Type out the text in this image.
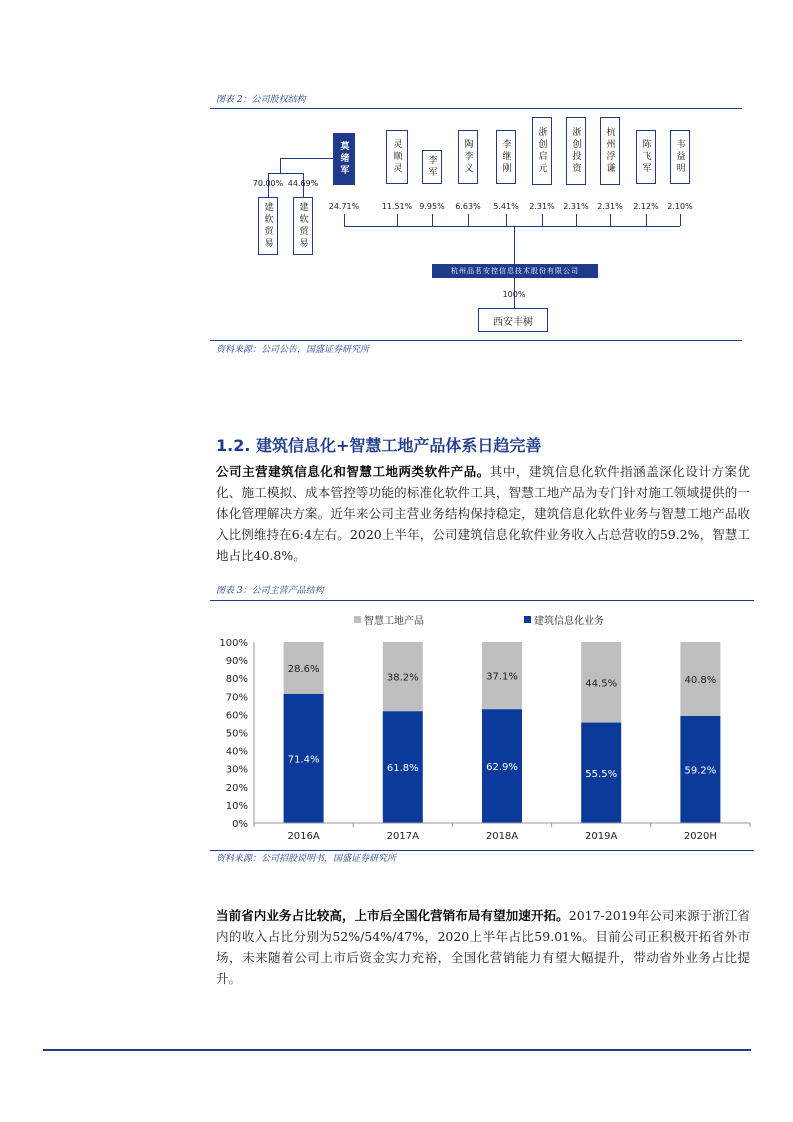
图表 2：公司股权结构
莫绪军
24.71%
灵顺灵	李军	陶李义	李继刚	浙创启元	浙创投资	杭州浮谦	陈飞军	韦益明
11.51% 9.95%	6.63%	5.41%	2.31%	2.31%	2.31%	2.12%	2.10%
70.00% 44.69%
建软贸易	建软贸易
杭州品茗安控信息技术股份有限公司
100%
西安丰树
资料来源：公司公告，国盛证券研究所
1.2. 建筑信息化+智慧工地产品体系日趋完善
公司主营建筑信息化和智慧工地两类软件产品。其中，建筑信息化软件指涵盖深化设计方案优化、施工模拟、成本管控等功能的标准化软件工具，智慧工地产品为专门针对施工领域提供的一体化管理解决方案。近年来公司主营业务结构保持稳定，建筑信息化软件业务与智慧工地产品收入比例维持在6:4左右。2020上半年，公司建筑信息化软件业务收入占总营收的59.2%，智慧工地占比40.8%。
图表 3：公司主营产品结构
智慧工地产品	建筑信息化业务
0%
10%
20%
30%
40%
50%
60%
70%
80%
90%
100%
71.4%
28.6%
61.8%
38.2%
62.9%
37.1%
55.5%
44.5%
59.2%
40.8%
2016A	2017A	2018A	2019A	2020H
资料来源：公司招股说明书，国盛证券研究所
当前省内业务占比较高，上市后全国化营销布局有望加速开拓。2017-2019年公司来源于浙江省内的收入占比分别为52%/54%/47%，2020上半年占比59.01%。目前公司正积极开拓省外市场，未来随着公司上市后资金实力充裕，全国化营销能力有望大幅提升，带动省外业务占比提升。
